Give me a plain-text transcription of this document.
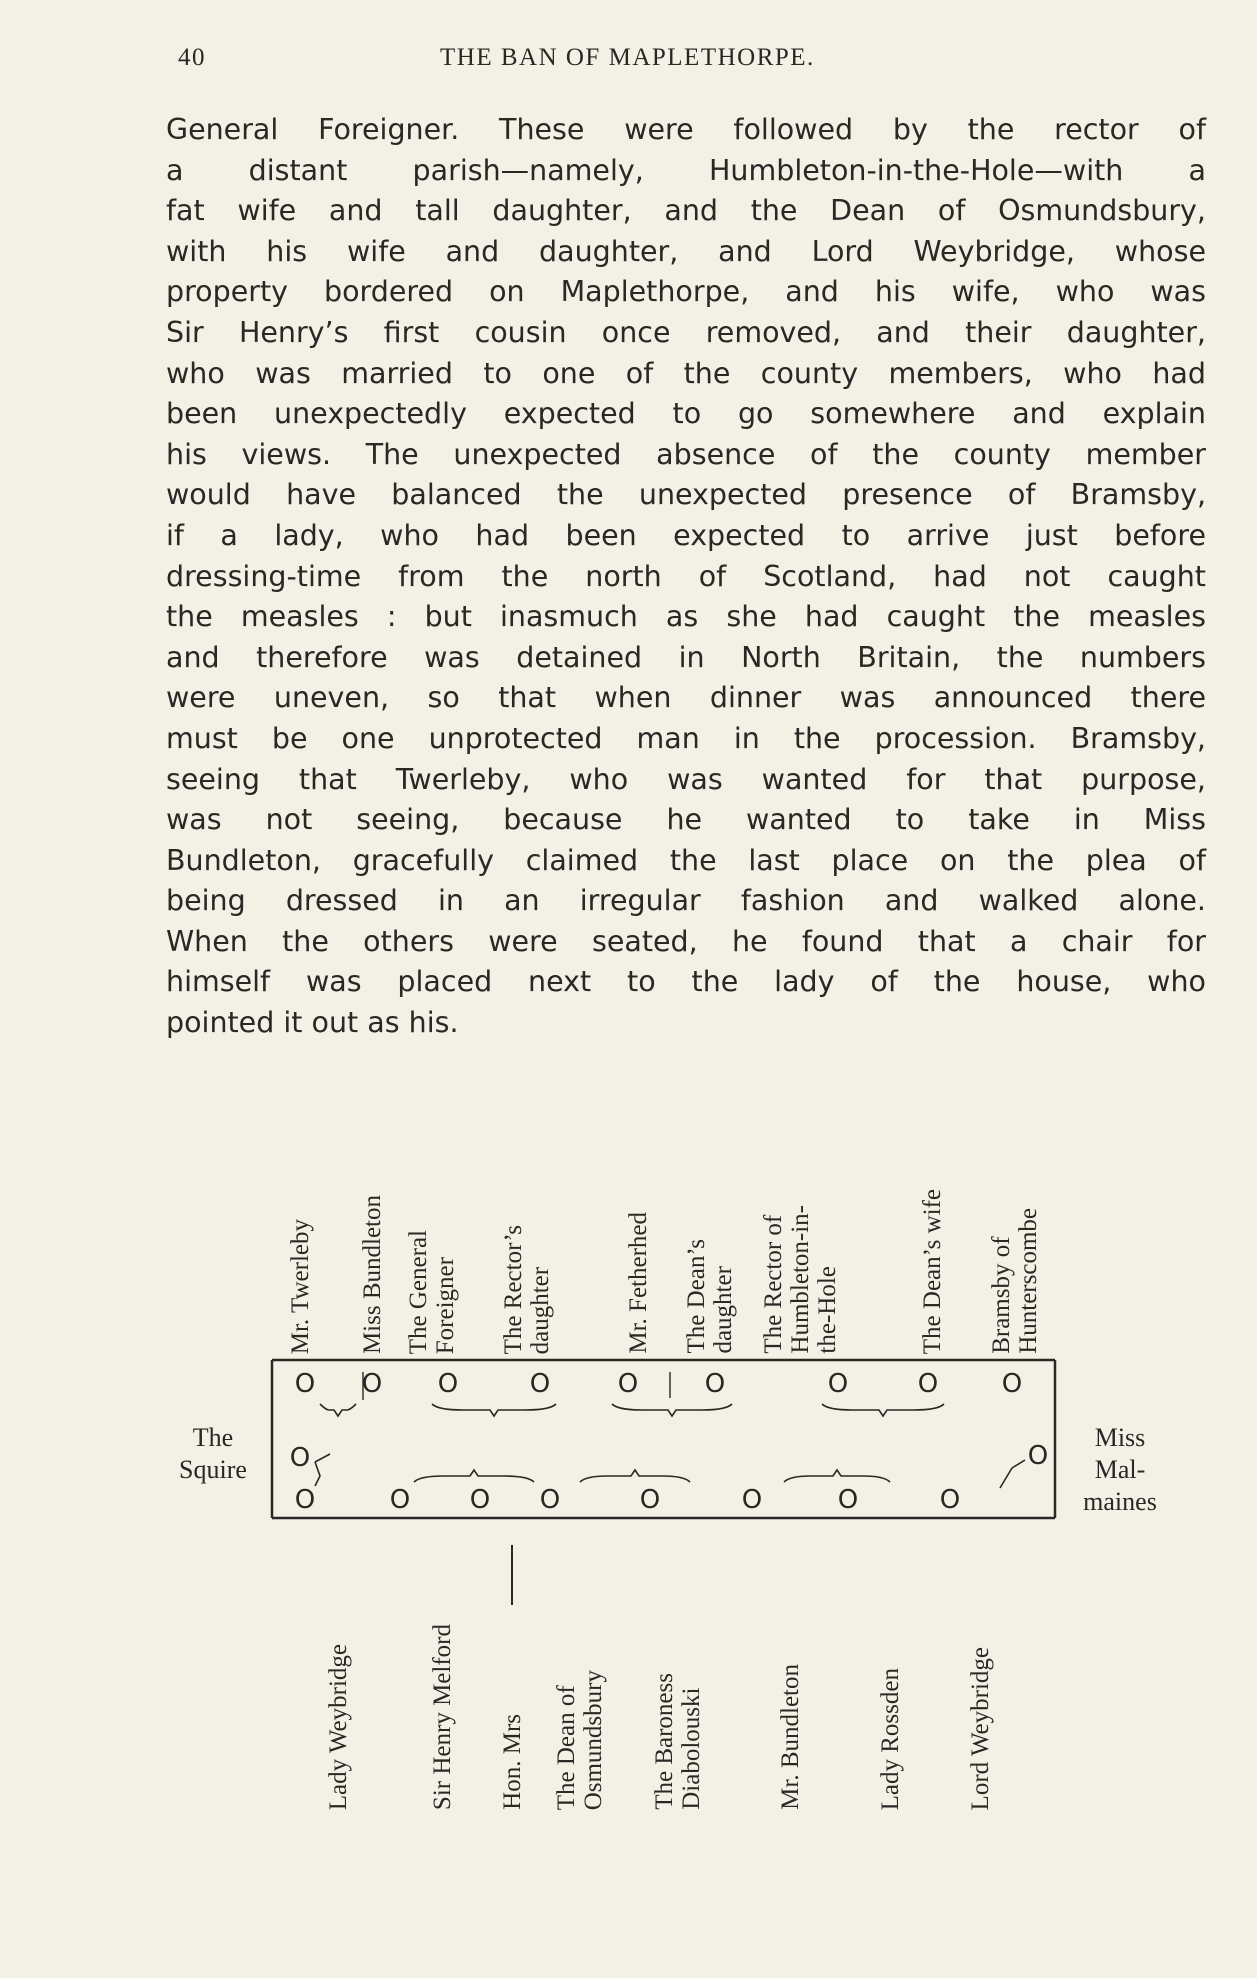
40	THE BAN OF MAPLETHORPE.
General Foreigner. These were followed by the rector of
a distant parish—namely, Humbleton-in-the-Hole—with a
fat wife and tall daughter, and the Dean of Osmundsbury,
with his wife and daughter, and Lord Weybridge, whose
property bordered on Maplethorpe, and his wife, who was
Sir Henry’s first cousin once removed, and their daughter,
who was married to one of the county members, who had
been unexpectedly expected to go somewhere and explain
his views. The unexpected absence of the county member
would have balanced the unexpected presence of Bramsby,
if a lady, who had been expected to arrive just before
dressing-time from the north of Scotland, had not caught
the measles : but inasmuch as she had caught the measles
and therefore was detained in North Britain, the numbers
were uneven, so that when dinner was announced there
must be one unprotected man in the procession. Bramsby,
seeing that Twerleby, who was wanted for that purpose,
was not seeing, because he wanted to take in Miss
Bundleton, gracefully claimed the last place on the plea of
being dressed in an irregular fashion and walked alone.
When the others were seated, he found that a chair for
himself was placed next to the lady of the house, who
pointed it out as his.
Mr. Twerleby Miss Bundleton The General Foreigner The Rector’s daughter	Mr. Fetherhed The Dean’s daughter The Rector of Humbleton-in- the-Hole	The Dean’s wife Bramsby of Hunterscombe
The
Squire
Miss
Mal-
maines
O O O	O	O	O	O	O O
O	O O O	O	O	O	O
O	O
Lady Weybridge	Sir Henry Melford Hon. Mrs The Dean of Osmundsbury The Baroness Diabolouski	Mr. Bundleton	Lady Rossden	Lord Weybridge
